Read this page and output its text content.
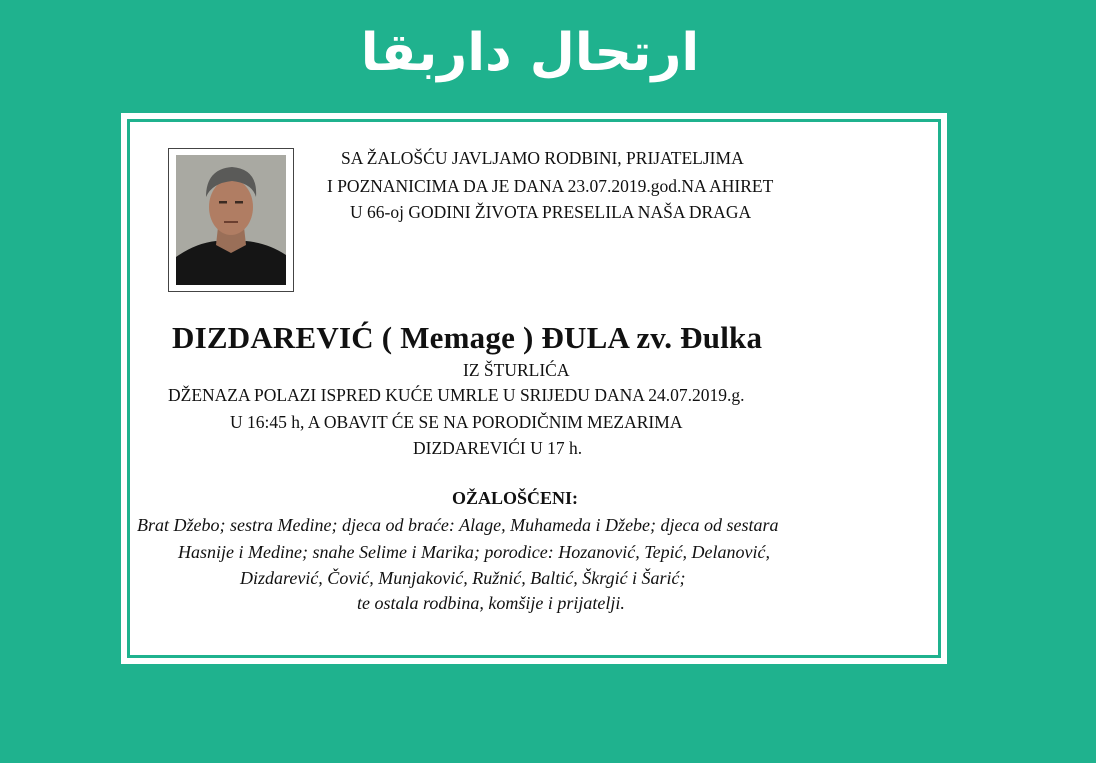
ارتحال داربقا
SA ŽALOŠĆU JAVLJAMO RODBINI, PRIJATELJIMA
I POZNANICIMA DA JE DANA 23.07.2019.god.NA AHIRET
U 66-oj GODINI ŽIVOTA PRESELILA NAŠA DRAGA
DIZDAREVIĆ ( Memage ) ĐULA zv. Đulka
IZ ŠTURLIĆA
DŽENAZA POLAZI ISPRED KUĆE UMRLE U SRIJEDU DANA 24.07.2019.g.
U 16:45 h, A OBAVIT ĆE SE NA PORODIČNIM MEZARIMA
DIZDAREVIĆI U 17 h.
OŽALOŠĆENI:
Brat Džebo; sestra Medine; djeca od braće: Alage, Muhameda i Džebe; djeca od sestara
Hasnije i Medine; snahe Selime i Marika; porodice: Hozanović, Tepić, Delanović,
Dizdarević, Čović, Munjaković, Ružnić, Baltić, Škrgić i Šarić;
te ostala rodbina, komšije i prijatelji.
